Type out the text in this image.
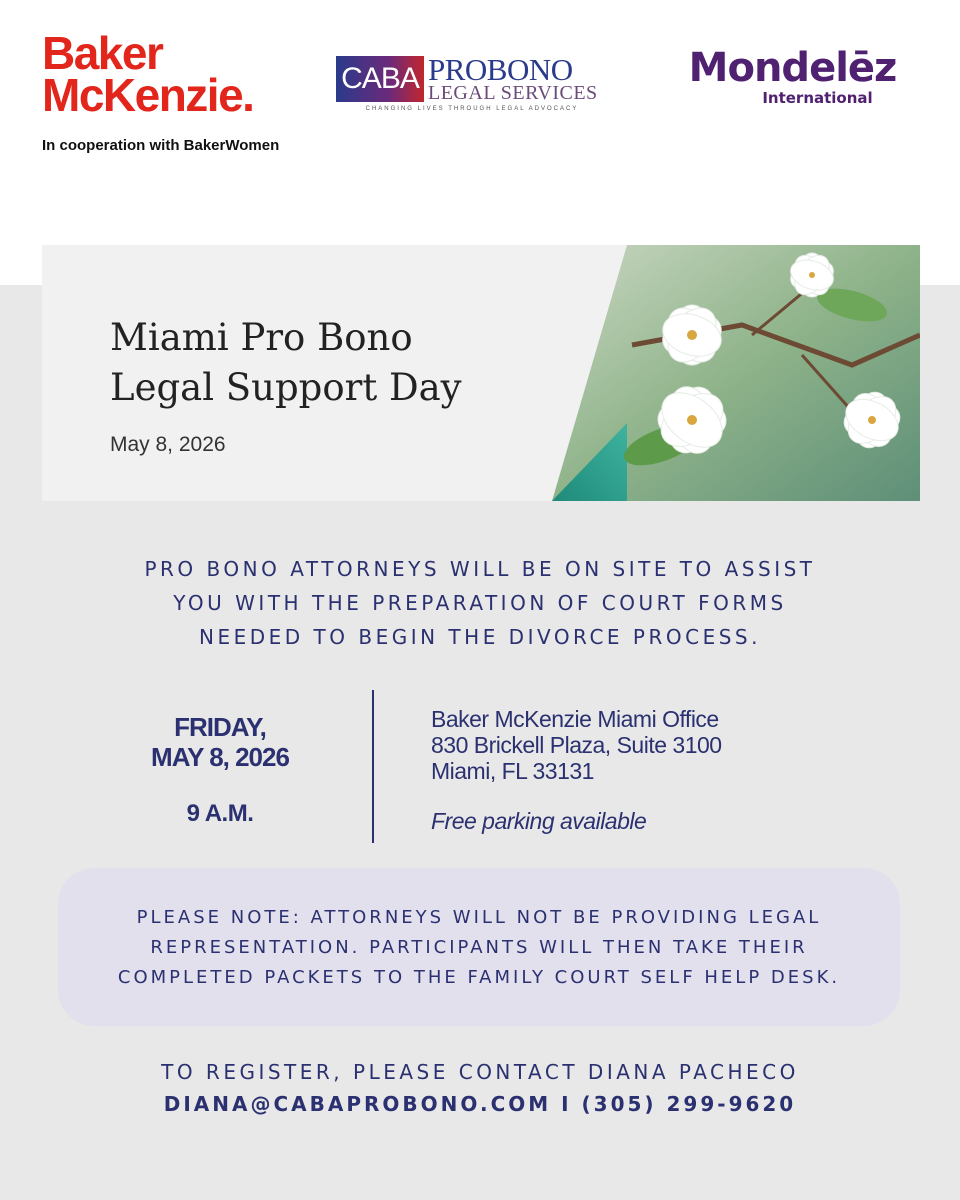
Baker
McKenzie.
In cooperation with BakerWomen
CABA PROBONO
LEGAL SERVICES
CHANGING LIVES THROUGH LEGAL ADVOCACY
Mondelēz
International
Miami Pro Bono
Legal Support Day
May 8, 2026
PRO BONO ATTORNEYS WILL BE ON SITE TO ASSIST
YOU WITH THE PREPARATION OF COURT FORMS
NEEDED TO BEGIN THE DIVORCE PROCESS.
FRIDAY,
MAY 8, 2026
9 A.M.
Baker McKenzie Miami Office
830 Brickell Plaza, Suite 3100
Miami, FL 33131
Free parking available
PLEASE NOTE: ATTORNEYS WILL NOT BE PROVIDING LEGAL
REPRESENTATION. PARTICIPANTS WILL THEN TAKE THEIR
COMPLETED PACKETS TO THE FAMILY COURT SELF HELP DESK.
TO REGISTER, PLEASE CONTACT DIANA PACHECO
DIANA@CABAPROBONO.COM I (305) 299-9620
